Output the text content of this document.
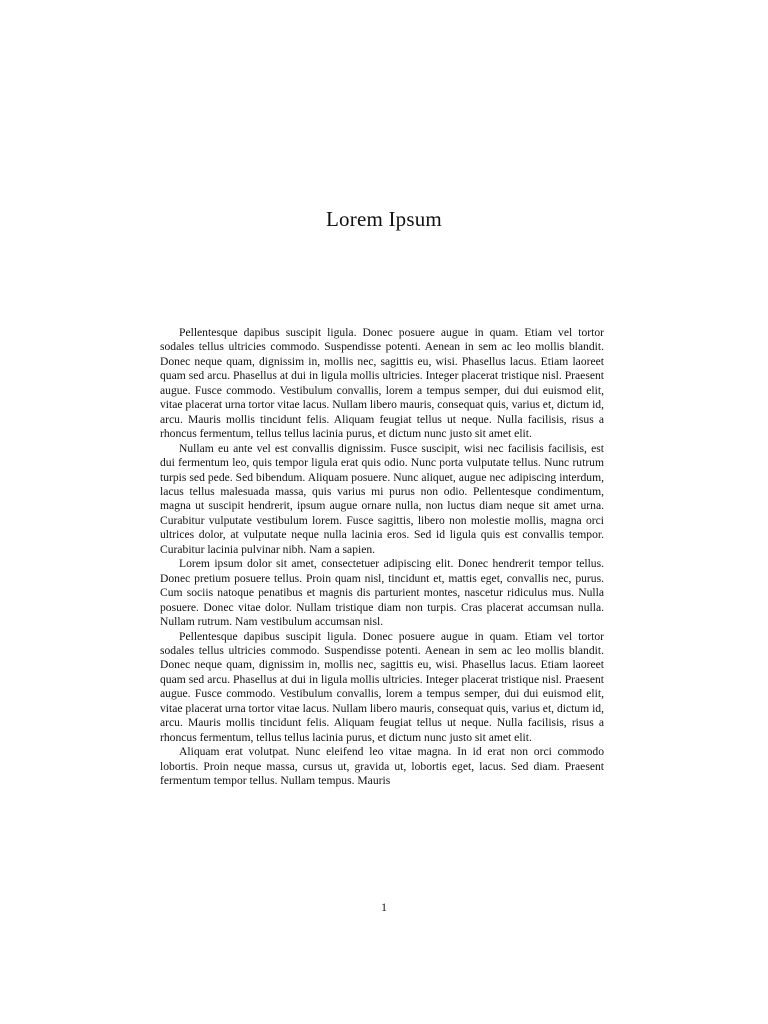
Lorem Ipsum

Pellentesque dapibus suscipit ligula. Donec posuere augue in quam. Etiam vel tortor sodales tellus ultricies commodo. Suspendisse potenti. Aenean in sem ac leo mollis blandit. Donec neque quam, dignissim in, mollis nec, sagittis eu, wisi. Phasellus lacus. Etiam laoreet quam sed arcu. Phasellus at dui in ligula mollis ultricies. Integer placerat tristique nisl. Praesent augue. Fusce commodo. Vestibulum convallis, lorem a tempus semper, dui dui euismod elit, vitae placerat urna tortor vitae lacus. Nullam libero mauris, consequat quis, varius et, dictum id, arcu. Mauris mollis tincidunt felis. Aliquam feugiat tellus ut neque. Nulla facilisis, risus a rhoncus fermentum, tellus tellus lacinia purus, et dictum nunc justo sit amet elit.

Nullam eu ante vel est convallis dignissim. Fusce suscipit, wisi nec facilisis facilisis, est dui fermentum leo, quis tempor ligula erat quis odio. Nunc porta vulputate tellus. Nunc rutrum turpis sed pede. Sed bibendum. Aliquam posuere. Nunc aliquet, augue nec adipiscing interdum, lacus tellus malesuada massa, quis varius mi purus non odio. Pellentesque condimentum, magna ut suscipit hendrerit, ipsum augue ornare nulla, non luctus diam neque sit amet urna. Curabitur vulputate vestibulum lorem. Fusce sagittis, libero non molestie mollis, magna orci ultrices dolor, at vulputate neque nulla lacinia eros. Sed id ligula quis est convallis tempor. Curabitur lacinia pulvinar nibh. Nam a sapien.

Lorem ipsum dolor sit amet, consectetuer adipiscing elit. Donec hendrerit tempor tellus. Donec pretium posuere tellus. Proin quam nisl, tincidunt et, mattis eget, convallis nec, purus. Cum sociis natoque penatibus et magnis dis parturient montes, nascetur ridiculus mus. Nulla posuere. Donec vitae dolor. Nullam tristique diam non turpis. Cras placerat accumsan nulla. Nullam rutrum. Nam vestibulum accumsan nisl.

Pellentesque dapibus suscipit ligula. Donec posuere augue in quam. Etiam vel tortor sodales tellus ultricies commodo. Suspendisse potenti. Aenean in sem ac leo mollis blandit. Donec neque quam, dignissim in, mollis nec, sagittis eu, wisi. Phasellus lacus. Etiam laoreet quam sed arcu. Phasellus at dui in ligula mollis ultricies. Integer placerat tristique nisl. Praesent augue. Fusce commodo. Vestibulum convallis, lorem a tempus semper, dui dui euismod elit, vitae placerat urna tortor vitae lacus. Nullam libero mauris, consequat quis, varius et, dictum id, arcu. Mauris mollis tincidunt felis. Aliquam feugiat tellus ut neque. Nulla facilisis, risus a rhoncus fermentum, tellus tellus lacinia purus, et dictum nunc justo sit amet elit.

Aliquam erat volutpat. Nunc eleifend leo vitae magna. In id erat non orci commodo lobortis. Proin neque massa, cursus ut, gravida ut, lobortis eget, lacus. Sed diam. Praesent fermentum tempor tellus. Nullam tempus. Mauris

1
